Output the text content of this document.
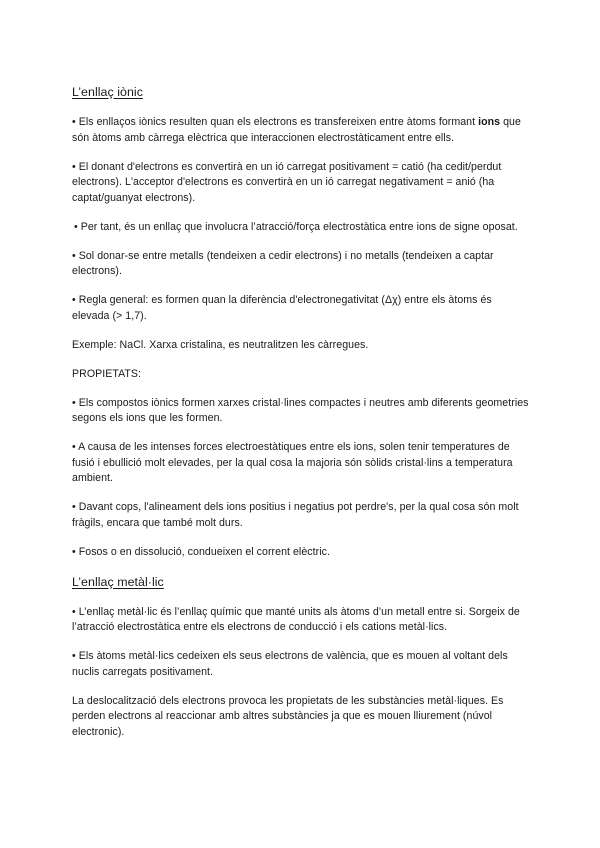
L’enllaç iònic
• Els enllaços iònics resulten quan els electrons es transfereixen entre àtoms formant ions que són àtoms amb càrrega elèctrica que interaccionen electrostàticament entre ells.
• El donant d'electrons es convertirà en un ió carregat positivament = catió (ha cedit/perdut electrons). L'acceptor d'electrons es convertirà en un ió carregat negativament = anió (ha captat/guanyat electrons).
• Per tant, és un enllaç que involucra l’atracció/força electrostàtica entre ions de signe oposat.
• Sol donar-se entre metalls (tendeixen a cedir electrons) i no metalls (tendeixen a captar electrons).
• Regla general: es formen quan la diferència d'electronegativitat (Δχ) entre els àtoms és elevada (> 1,7).
Exemple: NaCl. Xarxa cristalina, es neutralitzen les càrregues.
PROPIETATS:
• Els compostos iònics formen xarxes cristal·lines compactes i neutres amb diferents geometries segons els ions que les formen.
• A causa de les intenses forces electroestàtiques entre els ions, solen tenir temperatures de fusió i ebullició molt elevades, per la qual cosa la majoria són sòlids cristal·lins a temperatura ambient.
• Davant cops, l'alineament dels ions positius i negatius pot perdre's, per la qual cosa són molt fràgils, encara que també molt durs.
• Fosos o en dissolució, condueixen el corrent elèctric.
L’enllaç metàl·lic
• L’enllaç metàl·lic és l’enllaç químic que manté units als àtoms d’un metall entre si. Sorgeix de l’atracció electrostàtica entre els electrons de conducció i els cations metàl·lics.
• Els àtoms metàl·lics cedeixen els seus electrons de valència, que es mouen al voltant dels nuclis carregats positivament.
La deslocalització dels electrons provoca les propietats de les substàncies metàl·liques. Es perden electrons al reaccionar amb altres substàncies ja que es mouen lliurement (núvol electronic).
